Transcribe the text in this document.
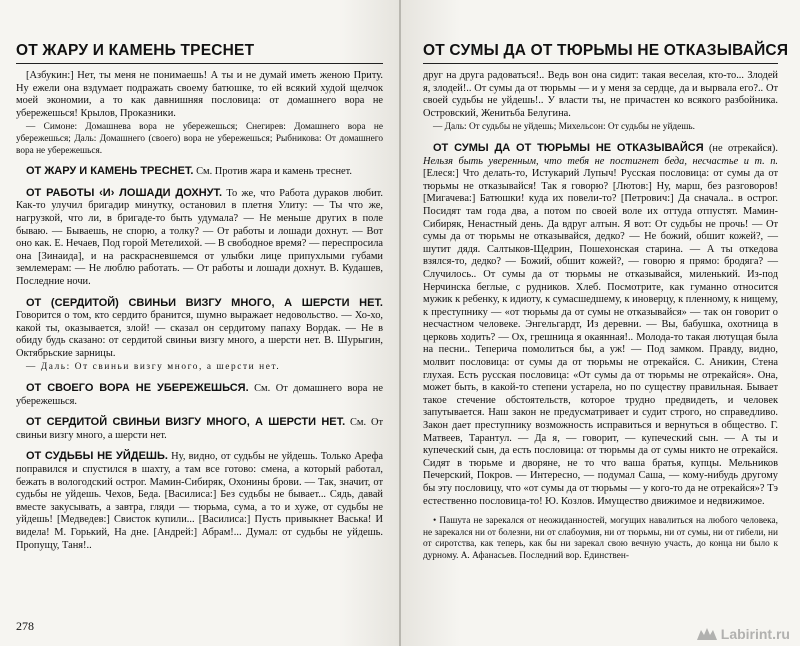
ОТ ЖАРУ И КАМЕНЬ ТРЕСНЕТ

[Азбукин:] Нет, ты меня не понимаешь! А ты и не думай иметь женою Приту. Ну ежели она вздумает подражать своему батюшке, то ей всякий худой щелчок моей экономии, а то как давнишняя пословица: от домашнего вора не убережешься! Крылов, Проказники.

— Симоне: Домашнева вора не убережешься; Снегирев: Домашнего вора не убережешься; Даль: Домашнего (своего) вора не убережешься; Рыбникова: От домашнего вора не убережешься.

ОТ ЖАРУ И КАМЕНЬ ТРЕСНЕТ. См. Против жара и камень треснет.

ОТ РАБОТЫ ‹И› ЛОШАДИ ДОХНУТ. То же, что Работа дураков любит. Как-то улучил бригадир минутку, остановил в плетня Улиту: — Ты что же, нагрузкой, что ли, в бригаде-то быть удумала? — Не меньше других в поле бываю. — Бываешь, не спорю, а толку? — От работы и лошади дохнут. — Вот оно как. Е. Нечаев, Под горой Метелихой. — В свободное время? — переспросила она [Зинаида], и на раскрасневшемся от улыбки лице припухлыми губами землемерам: — Не люблю работать. — От работы и лошади дохнут. В. Кудашев, Последние ночи.

ОТ (СЕРДИТОЙ) СВИНЬИ ВИЗГУ МНОГО, А ШЕРСТИ НЕТ. Говорится о том, кто сердито бранится, шумно выражает недовольство. — Хо-хо, какой ты, оказывается, злой! — сказал он сердитому папаху Вордак. — Не в обиду будь сказано: от сердитой свиньи визгу много, а шерсти нет. В. Шурыгин, Октябрьские зарницы.

— Даль: От свиньи визгу много, а шерсти нет.

ОТ СВОЕГО ВОРА НЕ УБЕРЕЖЕШЬСЯ. См. От домашнего вора не убережешься.

ОТ СЕРДИТОЙ СВИНЬИ ВИЗГУ МНОГО, А ШЕРСТИ НЕТ. См. От свиньи визгу много, а шерсти нет.

ОТ СУДЬБЫ НЕ УЙДЕШЬ. Ну, видно, от судьбы не уйдешь. Только Арефа поправился и спустился в шахту, а там все готово: смена, а который работал, бежать в вологодский острог. Мамин-Сибиряк, Охонины брови. — Так, значит, от судьбы не уйдешь. Чехов, Беда. [Василиса:] Без судьбы не бывает... Сядь, давай вместе закусывать, а завтра, гляди — тюрьма, сума, а то и хуже, от судьбы не уйдешь! [Медведев:] Свисток купили... [Василиса:] Пусть привыкнет Васька! И видела! М. Горький, На дне. [Андрей:] Абрам!... Думал: от судьбы не уйдешь. Пропущу, Таня!..

278
ОТ СУМЫ ДА ОТ ТЮРЬМЫ НЕ ОТКАЗЫВАЙСЯ

друг на друга радоваться!.. Ведь вон она сидит: такая веселая, кто-то... Злодей я, злодей!.. От сумы да от тюрьмы — и у меня за сердце, да и вырвала его?.. От своей судьбы не уйдешь!.. У власти ты, не причастен ко всякого разбойника. Островский, Женитьба Белугина.

— Даль: От судьбы не уйдешь; Михельсон: От судьбы не уйдешь.

ОТ СУМЫ ДА ОТ ТЮРЬМЫ НЕ ОТКАЗЫВАЙСЯ (не отрекайся). Нельзя быть уверенным, что тебя не постигнет беда, несчастье и т. п. [Елеся:] Что делать-то, Истукарий Лупыч! Русская пословица: от сумы да от тюрьмы не отказывайся! Так я говорю? [Лютов:] Ну, марш, без разговоров! [Мигачева:] Батюшки! куда их повели-то? [Петрович:] Да сначала.. в острог. Посидят там годa два, а потом по своей воле их оттуда отпустят. Мамин-Сибиряк, Ненастный день. Да вдруг алтын. Я вот: От судьбы не прочь! — От сумы да от тюрьмы не отказывайся, дедко? — Не божий, обшит кожей?, — шутит дядя. Салтыков-Щедрин, Пошехонская старина. — А ты откедова взялся-то, дедко? — Божий, обшит кожей?, — говорю я прямо: бродяга? — Случилось.. От сумы да от тюрьмы не отказывайся, миленький. Из-под Нерчинска беглые, с рудников. Хлеб. Посмотрите, как гуманно относится мужик к ребенку, к идиоту, к сумасшедшему, к иноверцу, к пленному, к нищему, к преступнику — «от тюрьмы да от сумы не отказывайся» — так он говорит о несчастном человеке. Энгельгардт, Из деревни. — Вы, бабушка, охотница в церковь ходить? — Ох, грешница я окаянная!.. Молода-то такая лютущая была на песни.. Теперича помолиться бы, а уж! — Под замком. Правду, видно, молвит пословица: от сумы да от тюрьмы не отрекайся. С. Аникин, Стена глухая. Есть русская пословица: «От сумы да от тюрьмы не отрекайся». Она, может быть, в какой-то степени устарела, но по существу правильная. Бывает такое стечение обстоятельств, которое трудно предвидеть, и человек запутывается. Наш закон не предусматривает и судит строго, но справедливо. Закон дает преступнику возможность исправиться и вернуться в общество. Г. Матвеев, Тарантул. — Да я, — говорит, — купеческий сын. — А ты и купеческий сын, да есть пословица: от тюрьмы да от сумы никто не отрекайся. Сидят в тюрьме и дворяне, не то что ваша братья, купцы. Мельников Печерский, Покров. — Интересно, — подумал Саша, — кому-нибудь другому бы эту пословицу, что «от сумы да от тюрьмы — у кого-то да не отрекайся»? Тэ естественно пословица-то! Ю. Козлов. Имущество движимое и недвижимое.

• Пашута не зарекался от неожиданностей, могущих навалиться на любого человека, не зарекался ни от болезни, ни от слабоумия, ни от тюрьмы, ни от сумы, ни от гибели, ни от сиротства, как теперь, как бы ни зарекал свою вечную участь, до конца ни было к дурному. А. Афанасьев. Последний вор. Единствен-

Labirint.ru
